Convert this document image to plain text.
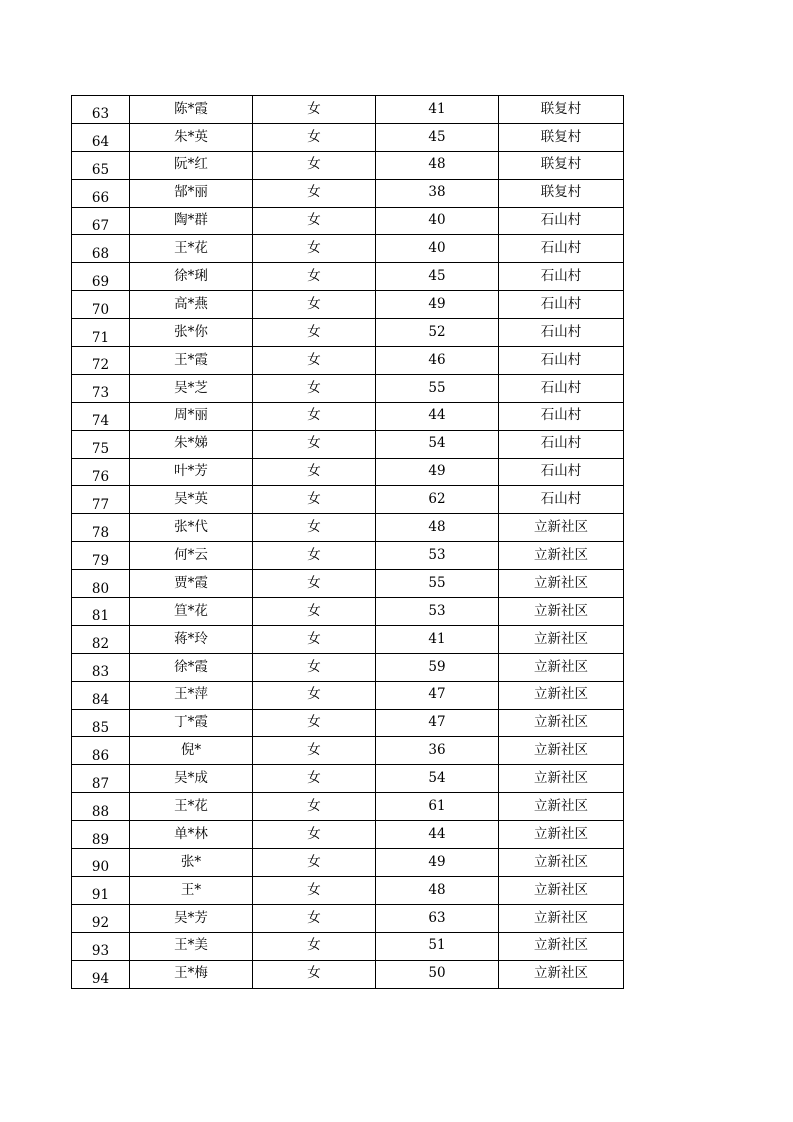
63	陈*霞	女	41	联复村
64	朱*英	女	45	联复村
65	阮*红	女	48	联复村
66	郜*丽	女	38	联复村
67	陶*群	女	40	石山村
68	王*花	女	40	石山村
69	徐*琍	女	45	石山村
70	高*燕	女	49	石山村
71	张*你	女	52	石山村
72	王*霞	女	46	石山村
73	吴*芝	女	55	石山村
74	周*丽	女	44	石山村
75	朱*娣	女	54	石山村
76	叶*芳	女	49	石山村
77	吴*英	女	62	石山村
78	张*代	女	48	立新社区
79	何*云	女	53	立新社区
80	贾*霞	女	55	立新社区
81	笪*花	女	53	立新社区
82	蒋*玲	女	41	立新社区
83	徐*霞	女	59	立新社区
84	王*萍	女	47	立新社区
85	丁*霞	女	47	立新社区
86	倪*	女	36	立新社区
87	吴*成	女	54	立新社区
88	王*花	女	61	立新社区
89	单*林	女	44	立新社区
90	张*	女	49	立新社区
91	王*	女	48	立新社区
92	吴*芳	女	63	立新社区
93	王*美	女	51	立新社区
94	王*梅	女	50	立新社区
